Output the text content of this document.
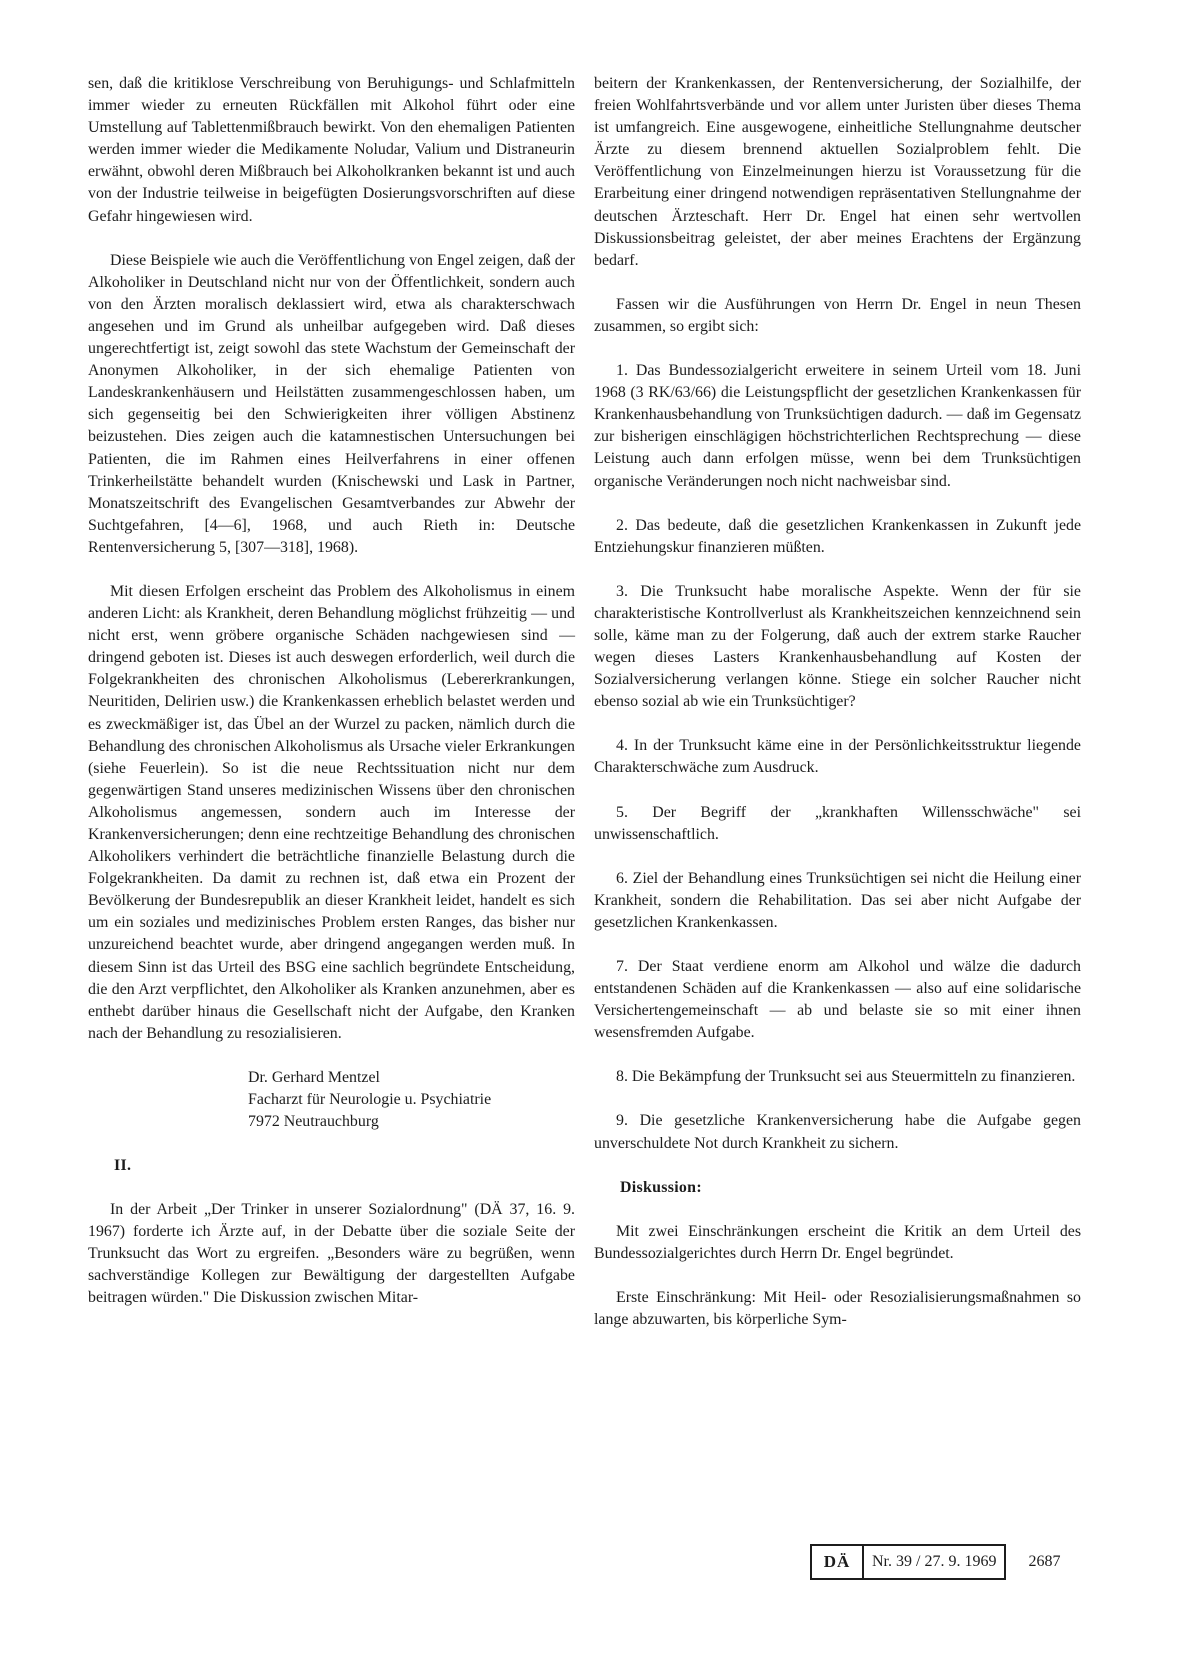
sen, daß die kritiklose Verschreibung von Beruhigungs- und Schlafmitteln immer wieder zu erneuten Rückfällen mit Alkohol führt oder eine Umstellung auf Tablettenmißbrauch bewirkt. Von den ehemaligen Patienten werden immer wieder die Medikamente Noludar, Valium und Distraneurin erwähnt, obwohl deren Mißbrauch bei Alkoholkranken bekannt ist und auch von der Industrie teilweise in beigefügten Dosierungsvorschriften auf diese Gefahr hingewiesen wird.

Diese Beispiele wie auch die Veröffentlichung von Engel zeigen, daß der Alkoholiker in Deutschland nicht nur von der Öffentlichkeit, sondern auch von den Ärzten moralisch deklassiert wird, etwa als charakterschwach angesehen und im Grund als unheilbar aufgegeben wird. Daß dieses ungerechtfertigt ist, zeigt sowohl das stete Wachstum der Gemeinschaft der Anonymen Alkoholiker, in der sich ehemalige Patienten von Landeskrankenhäusern und Heilstätten zusammengeschlossen haben, um sich gegenseitig bei den Schwierigkeiten ihrer völligen Abstinenz beizustehen. Dies zeigen auch die katamnestischen Untersuchungen bei Patienten, die im Rahmen eines Heilverfahrens in einer offenen Trinkerheilstätte behandelt wurden (Knischewski und Lask in Partner, Monatszeitschrift des Evangelischen Gesamtverbandes zur Abwehr der Suchtgefahren, [4—6], 1968, und auch Rieth in: Deutsche Rentenversicherung 5, [307—318], 1968).

Mit diesen Erfolgen erscheint das Problem des Alkoholismus in einem anderen Licht: als Krankheit, deren Behandlung möglichst frühzeitig — und nicht erst, wenn gröbere organische Schäden nachgewiesen sind — dringend geboten ist. Dieses ist auch deswegen erforderlich, weil durch die Folgekrankheiten des chronischen Alkoholismus (Lebererkrankungen, Neuritiden, Delirien usw.) die Krankenkassen erheblich belastet werden und es zweckmäßiger ist, das Übel an der Wurzel zu packen, nämlich durch die Behandlung des chronischen Alkoholismus als Ursache vieler Erkrankungen (siehe Feuerlein). So ist die neue Rechtssituation nicht nur dem gegenwärtigen Stand unseres medizinischen Wissens über den chronischen Alkoholismus angemessen, sondern auch im Interesse der Krankenversicherungen; denn eine rechtzeitige Behandlung des chronischen Alkoholikers verhindert die beträchtliche finanzielle Belastung durch die Folgekrankheiten. Da damit zu rechnen ist, daß etwa ein Prozent der Bevölkerung der Bundesrepublik an dieser Krankheit leidet, handelt es sich um ein soziales und medizinisches Problem ersten Ranges, das bisher nur unzureichend beachtet wurde, aber dringend angegangen werden muß. In diesem Sinn ist das Urteil des BSG eine sachlich begründete Entscheidung, die den Arzt verpflichtet, den Alkoholiker als Kranken anzunehmen, aber es enthebt darüber hinaus die Gesellschaft nicht der Aufgabe, den Kranken nach der Behandlung zu resozialisieren.

Dr. Gerhard Mentzel
Facharzt für Neurologie u. Psychiatrie
7972 Neutrauchburg
II.

In der Arbeit „Der Trinker in unserer Sozialordnung" (DÄ 37, 16. 9. 1967) forderte ich Ärzte auf, in der Debatte über die soziale Seite der Trunksucht das Wort zu ergreifen. „Besonders wäre zu begrüßen, wenn sachverständige Kollegen zur Bewältigung der dargestellten Aufgabe beitragen würden." Die Diskussion zwischen Mitar-

beitern der Krankenkassen, der Rentenversicherung, der Sozialhilfe, der freien Wohlfahrtsverbände und vor allem unter Juristen über dieses Thema ist umfangreich. Eine ausgewogene, einheitliche Stellungnahme deutscher Ärzte zu diesem brennend aktuellen Sozialproblem fehlt. Die Veröffentlichung von Einzelmeinungen hierzu ist Voraussetzung für die Erarbeitung einer dringend notwendigen repräsentativen Stellungnahme der deutschen Ärzteschaft. Herr Dr. Engel hat einen sehr wertvollen Diskussionsbeitrag geleistet, der aber meines Erachtens der Ergänzung bedarf.

Fassen wir die Ausführungen von Herrn Dr. Engel in neun Thesen zusammen, so ergibt sich:

1. Das Bundessozialgericht erweitere in seinem Urteil vom 18. Juni 1968 (3 RK/63/66) die Leistungspflicht der gesetzlichen Krankenkassen für Krankenhausbehandlung von Trunksüchtigen dadurch. — daß im Gegensatz zur bisherigen einschlägigen höchstrichterlichen Rechtsprechung — diese Leistung auch dann erfolgen müsse, wenn bei dem Trunksüchtigen organische Veränderungen noch nicht nachweisbar sind.

2. Das bedeute, daß die gesetzlichen Krankenkassen in Zukunft jede Entziehungskur finanzieren müßten.

3. Die Trunksucht habe moralische Aspekte. Wenn der für sie charakteristische Kontrollverlust als Krankheitszeichen kennzeichnend sein solle, käme man zu der Folgerung, daß auch der extrem starke Raucher wegen dieses Lasters Krankenhausbehandlung auf Kosten der Sozialversicherung verlangen könne. Stiege ein solcher Raucher nicht ebenso sozial ab wie ein Trunksüchtiger?

4. In der Trunksucht käme eine in der Persönlichkeitsstruktur liegende Charakterschwäche zum Ausdruck.

5. Der Begriff der „krankhaften Willensschwäche" sei unwissenschaftlich.

6. Ziel der Behandlung eines Trunksüchtigen sei nicht die Heilung einer Krankheit, sondern die Rehabilitation. Das sei aber nicht Aufgabe der gesetzlichen Krankenkassen.

7. Der Staat verdiene enorm am Alkohol und wälze die dadurch entstandenen Schäden auf die Krankenkassen — also auf eine solidarische Versichertengemeinschaft — ab und belaste sie so mit einer ihnen wesensfremden Aufgabe.

8. Die Bekämpfung der Trunksucht sei aus Steuermitteln zu finanzieren.

9. Die gesetzliche Krankenversicherung habe die Aufgabe gegen unverschuldete Not durch Krankheit zu sichern.

Diskussion:

Mit zwei Einschränkungen erscheint die Kritik an dem Urteil des Bundessozialgerichtes durch Herrn Dr. Engel begründet.

Erste Einschränkung: Mit Heil- oder Resozialisierungsmaßnahmen so lange abzuwarten, bis körperliche Sym-

DÄ	Nr. 39 / 27. 9. 1969	2687
